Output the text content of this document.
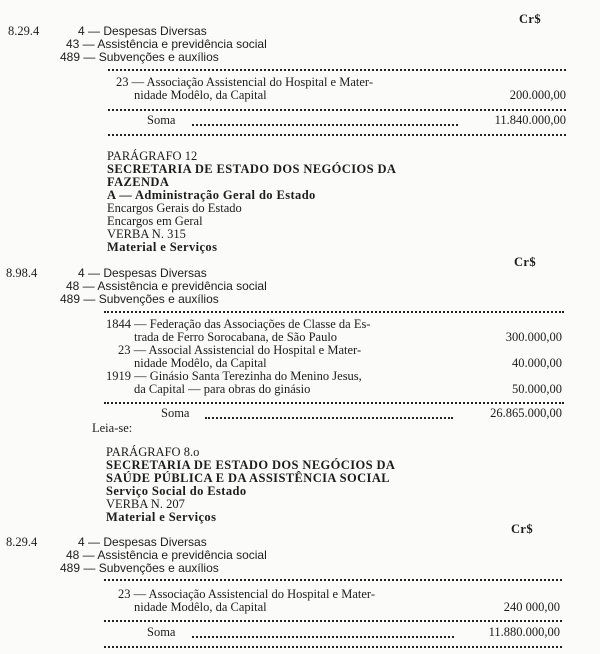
Cr$
8.29.4	4 — Despesas Diversas
43 — Assistência e previdência social
489 — Subvenções e auxílios
23 — Associação Assistencial do Hospital e Mater-
nidade Modêlo, da Capital	200.000,00
Soma	11.840.000,00
PARÁGRAFO 12
SECRETARIA DE ESTADO DOS NEGÓCIOS DA
FAZENDA
A — Administração Geral do Estado
Encargos Gerais do Estado
Encargos em Geral
VERBA N. 315
Material e Serviços
Cr$
8.98.4	4 — Despesas Diversas
48 — Assistência e previdência social
489 — Subvenções e auxílios
1844 — Federação das Associações de Classe da Es-
trada de Ferro Sorocabana, de São Paulo	300.000,00
23 — Associal Assistencial do Hospital e Mater-
nidade Modêlo, da Capital	40.000,00
1919 — Ginásio Santa Terezinha do Menino Jesus,
da Capital — para obras do ginásio	50.000,00
Soma	26.865.000,00
Leia-se:
PARÁGRAFO 8.o
SECRETARIA DE ESTADO DOS NEGÓCIOS DA
SAÚDE PÚBLICA E DA ASSISTÊNCIA SOCIAL
Serviço Social do Estado
VERBA N. 207
Material e Serviços
Cr$
8.29.4	4 — Despesas Diversas
48 — Assistência e previdência social
489 — Subvenções e auxílios
23 — Associação Assistencial do Hospital e Mater-
nidade Modêlo, da Capital	240 000,00
Soma	11.880.000,00
